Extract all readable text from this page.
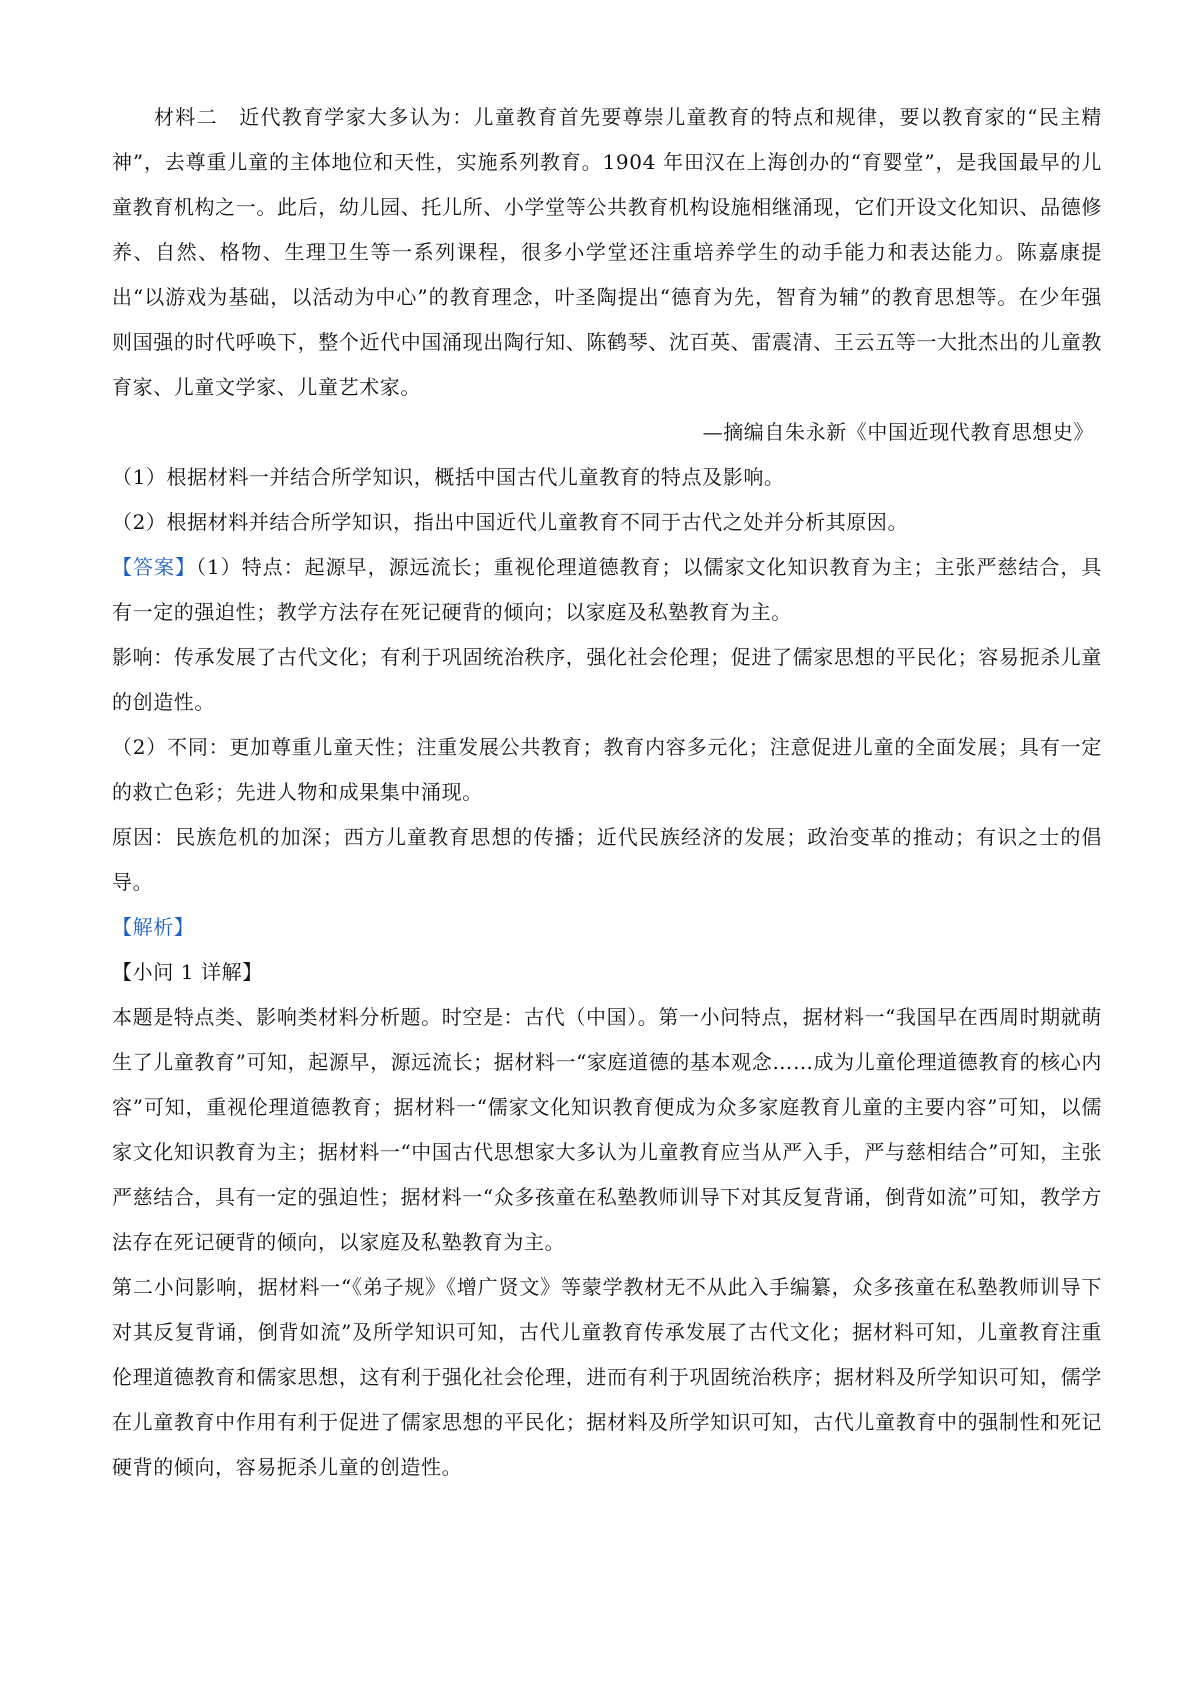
材料二  近代教育学家大多认为：儿童教育首先要尊崇儿童教育的特点和规律，要以教育家的“民主精神”，去尊重儿童的主体地位和天性，实施系列教育。1904 年田汉在上海创办的“育婴堂”，是我国最早的儿童教育机构之一。此后，幼儿园、托儿所、小学堂等公共教育机构设施相继涌现，它们开设文化知识、品德修养、自然、格物、生理卫生等一系列课程，很多小学堂还注重培养学生的动手能力和表达能力。陈嘉康提出“以游戏为基础，以活动为中心”的教育理念，叶圣陶提出“德育为先，智育为辅”的教育思想等。在少年强则国强的时代呼唤下，整个近代中国涌现出陶行知、陈鹤琴、沈百英、雷震清、王云五等一大批杰出的儿童教育家、儿童文学家、儿童艺术家。

—摘编自朱永新《中国近现代教育思想史》

（1）根据材料一并结合所学知识，概括中国古代儿童教育的特点及影响。

（2）根据材料并结合所学知识，指出中国近代儿童教育不同于古代之处并分析其原因。

【答案】（1）特点：起源早，源远流长；重视伦理道德教育；以儒家文化知识教育为主；主张严慈结合，具有一定的强迫性；教学方法存在死记硬背的倾向；以家庭及私塾教育为主。

影响：传承发展了古代文化；有利于巩固统治秩序，强化社会伦理；促进了儒家思想的平民化；容易扼杀儿童的创造性。

（2）不同：更加尊重儿童天性；注重发展公共教育；教育内容多元化；注意促进儿童的全面发展；具有一定的救亡色彩；先进人物和成果集中涌现。

原因：民族危机的加深；西方儿童教育思想的传播；近代民族经济的发展；政治变革的推动；有识之士的倡导。

【解析】

【小问 1 详解】

本题是特点类、影响类材料分析题。时空是：古代（中国）。第一小问特点，据材料一“我国早在西周时期就萌生了儿童教育”可知，起源早，源远流长；据材料一“家庭道德的基本观念……成为儿童伦理道德教育的核心内容”可知，重视伦理道德教育；据材料一“儒家文化知识教育便成为众多家庭教育儿童的主要内容”可知，以儒家文化知识教育为主；据材料一“中国古代思想家大多认为儿童教育应当从严入手，严与慈相结合”可知，主张严慈结合，具有一定的强迫性；据材料一“众多孩童在私塾教师训导下对其反复背诵，倒背如流”可知，教学方法存在死记硬背的倾向，以家庭及私塾教育为主。

第二小问影响，据材料一“《弟子规》《增广贤文》等蒙学教材无不从此入手编纂，众多孩童在私塾教师训导下对其反复背诵，倒背如流”及所学知识可知，古代儿童教育传承发展了古代文化；据材料可知，儿童教育注重伦理道德教育和儒家思想，这有利于强化社会伦理，进而有利于巩固统治秩序；据材料及所学知识可知，儒学在儿童教育中作用有利于促进了儒家思想的平民化；据材料及所学知识可知，古代儿童教育中的强制性和死记硬背的倾向，容易扼杀儿童的创造性。
